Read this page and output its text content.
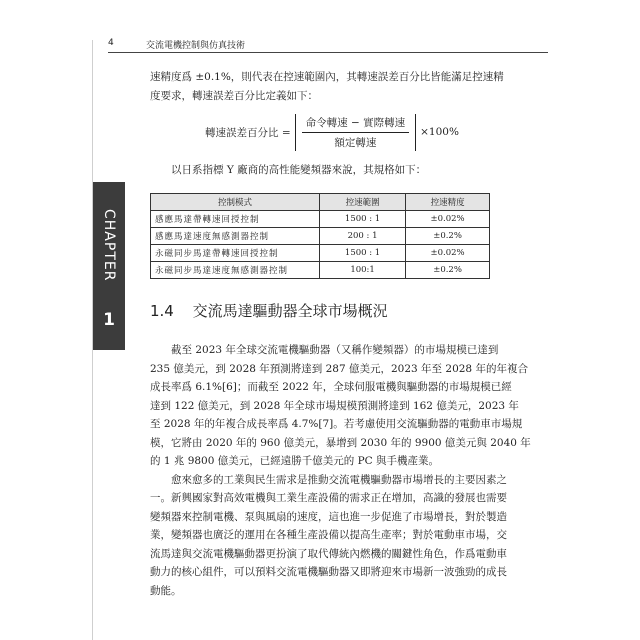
4	交流電機控制與仿真技術
CHAPTER
1

速精度爲 ±0.1%，則代表在控速範圍內，其轉速誤差百分比皆能滿足控速精

度要求，轉速誤差百分比定義如下：

轉速誤差百分比 = $\frac{\text{命令轉速 − 實際轉速}}{\text{額定轉速}} \times 100\%$

以日系指標 Y 廠商的高性能變頻器來說，其規格如下：

控制模式	控速範圍	控速精度
感應馬達帶轉速回授控制	1500 : 1	±0.02%
感應馬達速度無感測器控制	200 : 1	±0.2%
永磁同步馬達帶轉速回授控制	1500 : 1	±0.02%
永磁同步馬達速度無感測器控制	100:1	±0.2%
1.4 交流馬達驅動器全球市場概況

截至 2023 年全球交流電機驅動器（又稱作變頻器）的市場規模已達到

235 億美元，到 2028 年預測將達到 287 億美元，2023 年至 2028 年的年複合

成長率爲 6.1%[6]；而截至 2022 年，全球伺服電機與驅動器的市場規模已經

達到 122 億美元，到 2028 年全球市場規模預測將達到 162 億美元，2023 年

至 2028 年的年複合成長率爲 4.7%[7]。若考慮使用交流驅動器的電動車市場規

模，它將由 2020 年的 960 億美元，暴增到 2030 年的 9900 億美元與 2040 年

的 1 兆 9800 億美元，已經遠勝千億美元的 PC 與手機產業。

愈來愈多的工業與民生需求是推動交流電機驅動器市場增長的主要因素之

一。新興國家對高效電機與工業生產設備的需求正在增加，高識的發展也需要

變頻器來控制電機、泵與風扇的速度，這也進一步促進了市場增長，對於製造

業，變頻器也廣泛的運用在各種生產設備以提高生產率；對於電動車市場，交

流馬達與交流電機驅動器更扮演了取代傳統內燃機的關鍵性角色，作爲電動車

動力的核心組件，可以預料交流電機驅動器又即將迎來市場新一波強勁的成長

動能。
